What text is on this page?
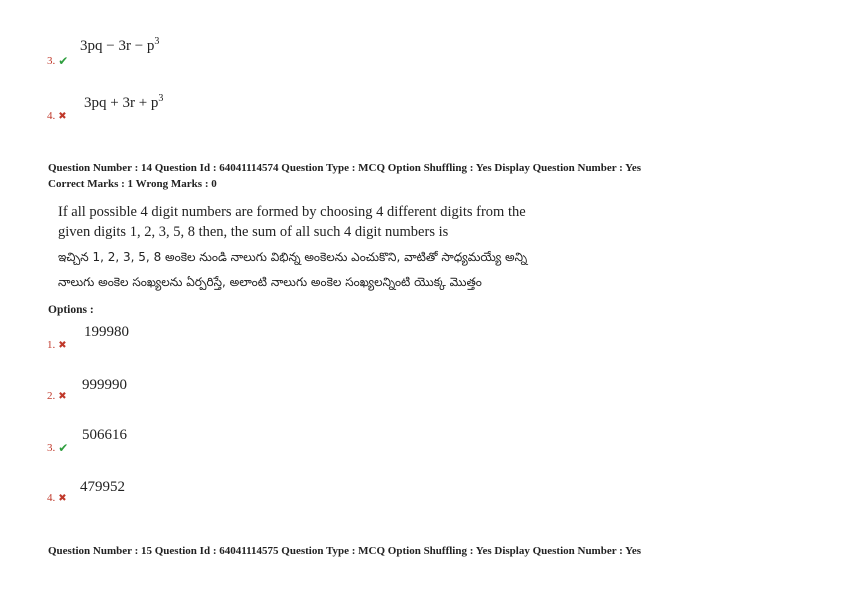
$3pq - 3r - p^3$
3. ✔
$3pq + 3r + p^3$
4. ✖
Question Number : 14 Question Id : 64041114574 Question Type : MCQ Option Shuffling : Yes Display Question Number : Yes
Correct Marks : 1 Wrong Marks : 0
If all possible 4 digit numbers are formed by choosing 4 different digits from the
given digits 1, 2, 3, 5, 8 then, the sum of all such 4 digit numbers is
ఇచ్చిన 1, 2, 3, 5, 8 అంకెల నుండి నాలుగు విభిన్న అంకెలను ఎంచుకొని, వాటితో సాధ్యమయ్యే అన్ని
నాలుగు అంకెల సంఖ్యలను ఏర్పరిస్తే, అలాంటి నాలుగు అంకెల సంఖ్యలన్నింటి యొక్క మొత్తం
Options :
199980
1. ✖
999990
2. ✖
506616
3. ✔
479952
4. ✖
Question Number : 15 Question Id : 64041114575 Question Type : MCQ Option Shuffling : Yes Display Question Number : Yes
